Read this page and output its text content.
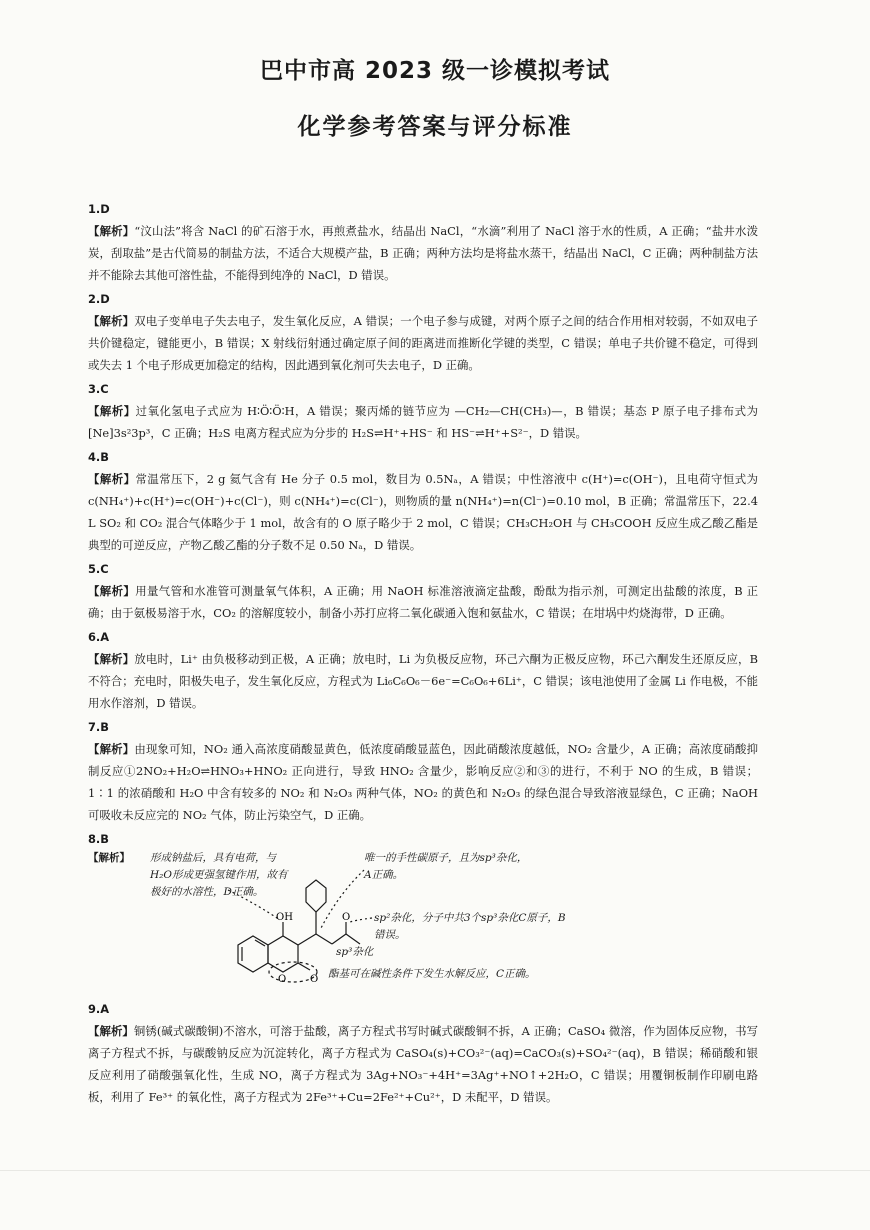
巴中市高 2023 级一诊模拟考试
化学参考答案与评分标准
1.D
【解析】“汶山法”将含 NaCl 的矿石溶于水，再煎煮盐水，结晶出 NaCl，“水滴”利用了 NaCl 溶于水的性质，A 正确；“盐井水泼炭，刮取盐”是古代简易的制盐方法，不适合大规模产盐，B 正确；两种方法均是将盐水蒸干，结晶出 NaCl，C 正确；两种制盐方法并不能除去其他可溶性盐，不能得到纯净的 NaCl，D 错误。
2.D
【解析】双电子变单电子失去电子，发生氧化反应，A 错误；一个电子参与成键，对两个原子之间的结合作用相对较弱，不如双电子共价键稳定，键能更小，B 错误；X 射线衍射通过确定原子间的距离进而推断化学键的类型，C 错误；单电子共价键不稳定，可得到或失去 1 个电子形成更加稳定的结构，因此遇到氧化剂可失去电子，D 正确。
3.C
【解析】过氧化氢电子式应为 H∶Ö∶Ö∶H，A 错误；聚丙烯的链节应为 —CH₂—CH(CH₃)—，B 错误；基态 P 原子电子排布式为 [Ne]3s²3p³，C 正确；H₂S 电离方程式应为分步的 H₂S⇌H⁺+HS⁻ 和 HS⁻⇌H⁺+S²⁻，D 错误。
4.B
【解析】常温常压下，2 g 氦气含有 He 分子 0.5 mol，数目为 0.5Nₐ，A 错误；中性溶液中 c(H⁺)=c(OH⁻)，且电荷守恒式为 c(NH₄⁺)+c(H⁺)=c(OH⁻)+c(Cl⁻)，则 c(NH₄⁺)=c(Cl⁻)，则物质的量 n(NH₄⁺)=n(Cl⁻)=0.10 mol，B 正确；常温常压下，22.4 L SO₂ 和 CO₂ 混合气体略少于 1 mol，故含有的 O 原子略少于 2 mol，C 错误；CH₃CH₂OH 与 CH₃COOH 反应生成乙酸乙酯是典型的可逆反应，产物乙酸乙酯的分子数不足 0.50 Nₐ，D 错误。
5.C
【解析】用量气管和水准管可测量氧气体积，A 正确；用 NaOH 标准溶液滴定盐酸，酚酞为指示剂，可测定出盐酸的浓度，B 正确；由于氨极易溶于水，CO₂ 的溶解度较小，制备小苏打应将二氧化碳通入饱和氨盐水，C 错误；在坩埚中灼烧海带，D 正确。
6.A
【解析】放电时，Li⁺ 由负极移动到正极，A 正确；放电时，Li 为负极反应物，环己六酮为正极反应物，环己六酮发生还原反应，B 不符合；充电时，阳极失电子，发生氧化反应，方程式为 Li₆C₆O₆－6e⁻=C₆O₆+6Li⁺，C 错误；该电池使用了金属 Li 作电极，不能用水作溶剂，D 错误。
7.B
【解析】由现象可知，NO₂ 通入高浓度硝酸显黄色，低浓度硝酸显蓝色，因此硝酸浓度越低，NO₂ 含量少，A 正确；高浓度硝酸抑制反应①2NO₂+H₂O⇌HNO₃+HNO₂ 正向进行，导致 HNO₂ 含量少，影响反应②和③的进行，不利于 NO 的生成，B 错误；1∶1 的浓硝酸和 H₂O 中含有较多的 NO₂ 和 N₂O₃ 两种气体，NO₂ 的黄色和 N₂O₃ 的绿色混合导致溶液显绿色，C 正确；NaOH 可吸收未反应完的 NO₂ 气体，防止污染空气，D 正确。
8.B
【解析】 形成钠盐后，具有电荷，与 H₂O形成更强氢键作用，故有极好的水溶性，D正确。
唯一的手性碳原子，且为sp³杂化，A正确。
sp²杂化，分子中共3个sp³杂化C原子，B错误。
sp³杂化
酯基可在碱性条件下发生水解反应，C正确。
OH
O O
O
9.A
【解析】铜锈(碱式碳酸铜)不溶水，可溶于盐酸，离子方程式书写时碱式碳酸铜不拆，A 正确；CaSO₄ 微溶，作为固体反应物，书写离子方程式不拆，与碳酸钠反应为沉淀转化，离子方程式为 CaSO₄(s)+CO₃²⁻(aq)=CaCO₃(s)+SO₄²⁻(aq)，B 错误；稀硝酸和银反应利用了硝酸强氧化性，生成 NO，离子方程式为 3Ag+NO₃⁻+4H⁺=3Ag⁺+NO↑+2H₂O，C 错误；用覆铜板制作印刷电路板，利用了 Fe³⁺ 的氧化性，离子方程式为 2Fe³⁺+Cu=2Fe²⁺+Cu²⁺，D 未配平，D 错误。
